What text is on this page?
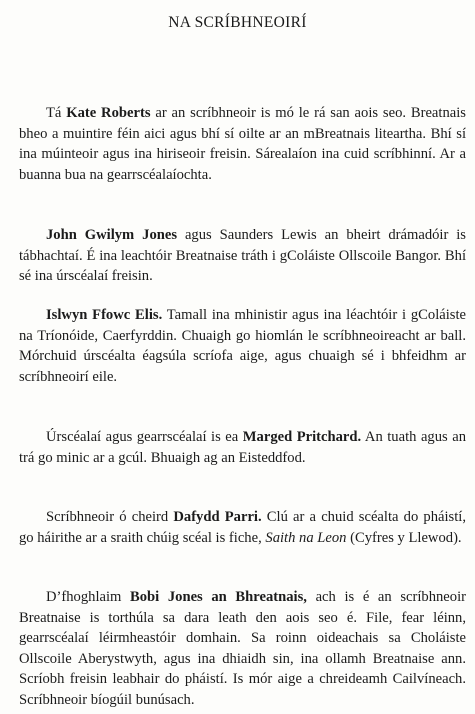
NA SCRÍBHNEOIRÍ

Tá Kate Roberts ar an scríbhneoir is mó le rá san aois seo. Breatnais bheo a muintire féin aici agus bhí sí oilte ar an mBreatnais liteartha. Bhí sí ina múinteoir agus ina hiriseoir freisin. Sárealaíon ina cuid scríbhinní. Ar a buanna bua na gearrscéalaíochta.

John Gwilym Jones agus Saunders Lewis an bheirt drámadóir is tábhachtaí. É ina leachtóir Breatnaise tráth i gColáiste Ollscoile Bangor. Bhí sé ina úrscéalaí freisin.

Islwyn Ffowc Elis. Tamall ina mhinistir agus ina léachtóir i gColáiste na Tríonóide, Caerfyrddin. Chuaigh go hiomlán le scríbhneoireacht ar ball. Mórchuid úrscéalta éagsúla scríofa aige, agus chuaigh sé i bhfeidhm ar scríbhneoirí eile.

Úrscéalaí agus gearrscéalaí is ea Marged Pritchard. An tuath agus an trá go minic ar a gcúl. Bhuaigh ag an Eisteddfod.

Scríbhneoir ó cheird Dafydd Parri. Clú ar a chuid scéalta do pháistí, go háirithe ar a sraith chúig scéal is fiche, Saith na Leon (Cyfres y Llewod).

D’fhoghlaim Bobi Jones an Bhreatnais, ach is é an scríbhneoir Breatnaise is torthúla sa dara leath den aois seo é. File, fear léinn, gearrscéalaí léirmheastóir domhain. Sa roinn oideachais sa Choláiste Ollscoile Aberystwyth, agus ina dhiaidh sin, ina ollamh Breatnaise ann. Scríobh freisin leabhair do pháistí. Is mór aige a chreideamh Cailvíneach. Scríbhneoir bíogúil bunúsach.
